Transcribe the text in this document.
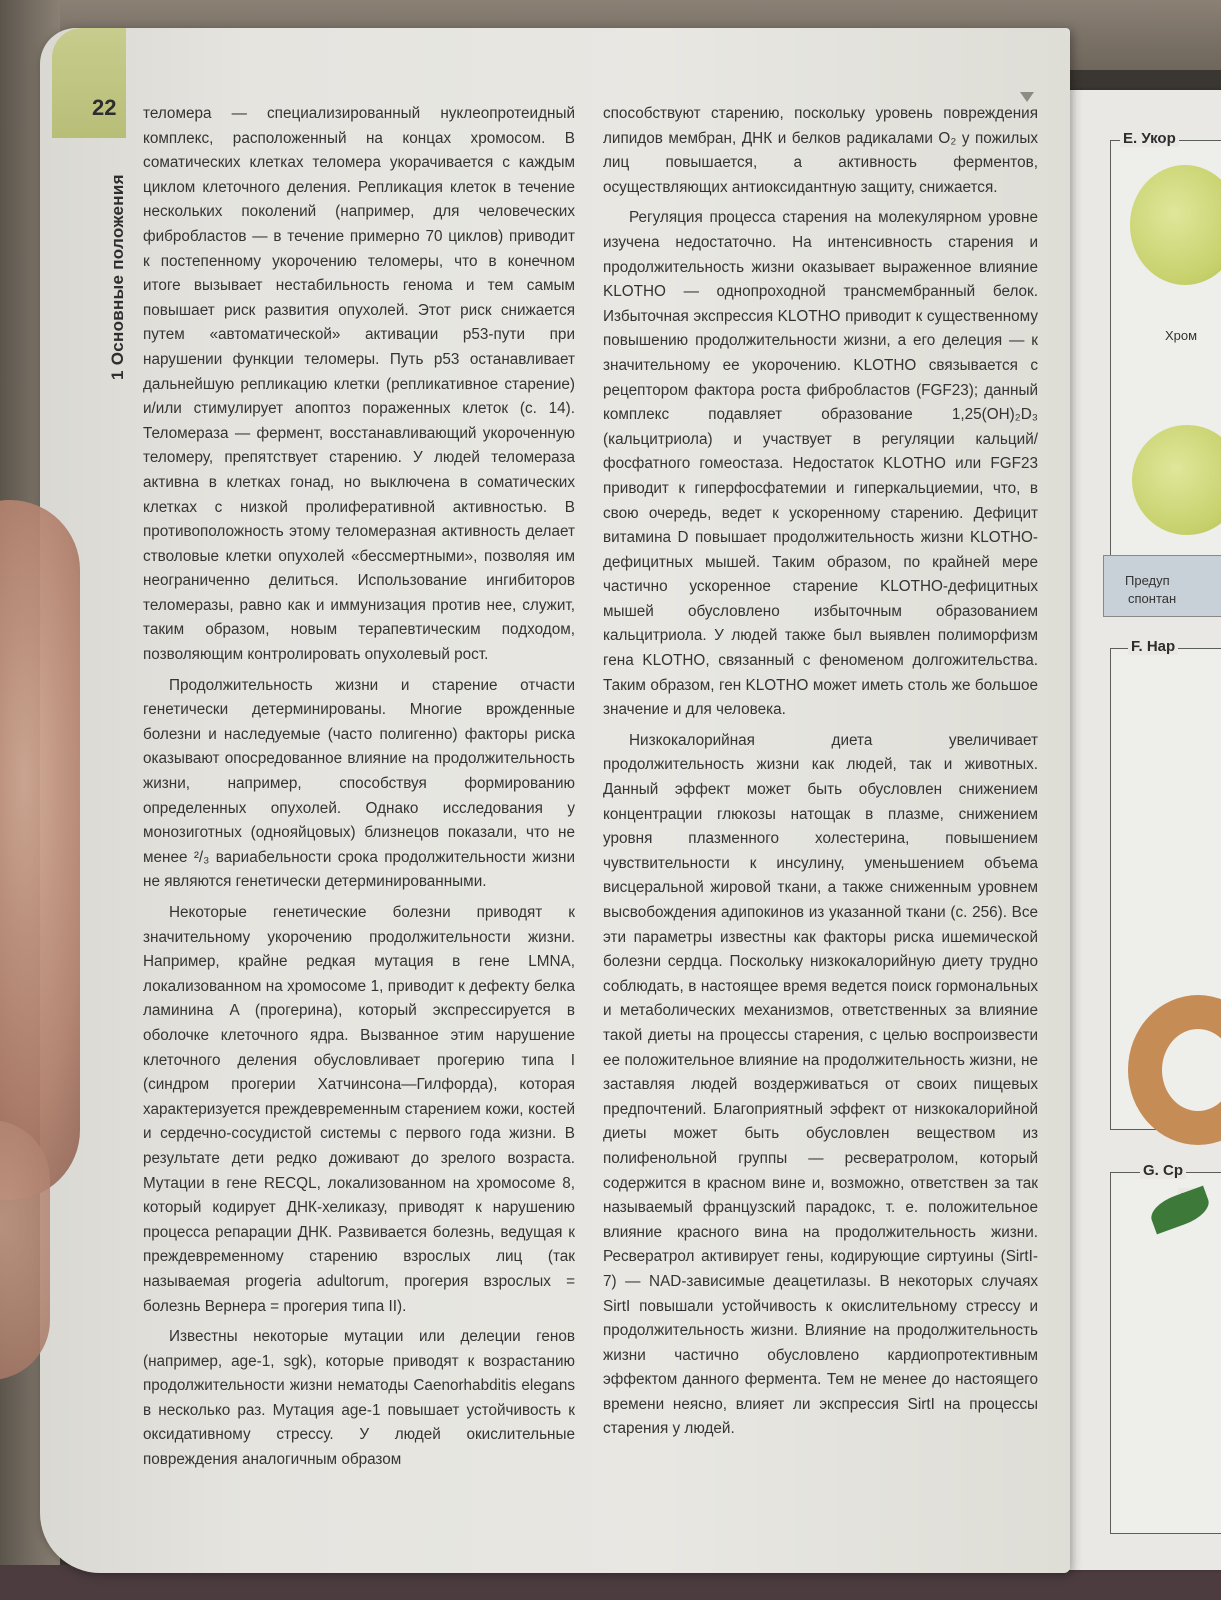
E. Укор
Хром
Предуп
спонтан
F. Нар
G. Ср
22
1 Основные положения

теломера — специализированный нуклеопротеидный комплекс, расположенный на концах хромосом. В соматических клетках теломера укорачивается с каждым циклом клеточного деления. Репликация клеток в течение нескольких поколений (например, для человеческих фибробластов — в течение примерно 70 циклов) приводит к постепенному укорочению теломеры, что в конечном итоге вызывает нестабильность генома и тем самым повышает риск развития опухолей. Этот риск снижается путем «автоматической» активации p53-пути при нарушении функции теломеры. Путь p53 останавливает дальнейшую репликацию клетки (репликативное старение) и/или стимулирует апоптоз пораженных клеток (с. 14). Теломераза — фермент, восстанавливающий укороченную теломеру, препятствует старению. У людей теломераза активна в клетках гонад, но выключена в соматических клетках с низкой пролиферативной активностью. В противоположность этому теломеразная активность делает стволовые клетки опухолей «бессмертными», позволяя им неограниченно делиться. Использование ингибиторов теломеразы, равно как и иммунизация против нее, служит, таким образом, новым терапевтическим подходом, позволяющим контролировать опухолевый рост.

Продолжительность жизни и старение отчасти генетически детерминированы. Многие врожденные болезни и наследуемые (часто полигенно) факторы риска оказывают опосредованное влияние на продолжительность жизни, например, способствуя формированию определенных опухолей. Однако исследования у монозиготных (однояйцовых) близнецов показали, что не менее ²/₃ вариабельности срока продолжительности жизни не являются генетически детерминированными.

Некоторые генетические болезни приводят к значительному укорочению продолжительности жизни. Например, крайне редкая мутация в гене LMNA, локализованном на хромосоме 1, приводит к дефекту белка ламинина A (прогерина), который экспрессируется в оболочке клеточного ядра. Вызванное этим нарушение клеточного деления обусловливает прогерию типа I (синдром прогерии Хатчинсона—Гилфорда), которая характеризуется преждевременным старением кожи, костей и сердечно-сосудистой системы с первого года жизни. В результате дети редко доживают до зрелого возраста. Мутации в гене RECQL, локализованном на хромосоме 8, который кодирует ДНК-хеликазу, приводят к нарушению процесса репарации ДНК. Развивается болезнь, ведущая к преждевременному старению взрослых лиц (так называемая progeria adultorum, прогерия взрослых = болезнь Вернера = прогерия типа II).

Известны некоторые мутации или делеции генов (например, age-1, sgk), которые приводят к возрастанию продолжительности жизни нематоды Caenorhabditis elegans в несколько раз. Мутация age-1 повышает устойчивость к оксидативному стрессу. У людей окислительные повреждения аналогичным образом

способствуют старению, поскольку уровень повреждения липидов мембран, ДНК и белков радикалами O₂ у пожилых лиц повышается, а активность ферментов, осуществляющих антиоксидантную защиту, снижается.

Регуляция процесса старения на молекулярном уровне изучена недостаточно. На интенсивность старения и продолжительность жизни оказывает выраженное влияние KLOTHO — однопроходной трансмембранный белок. Избыточная экспрессия KLOTHO приводит к существенному повышению продолжительности жизни, а его делеция — к значительному ее укорочению. KLOTHO связывается с рецептором фактора роста фибробластов (FGF23); данный комплекс подавляет образование 1,25(OH)₂D₃ (кальцитриола) и участвует в регуляции кальций/фосфатного гомеостаза. Недостаток KLOTHO или FGF23 приводит к гиперфосфатемии и гиперкальциемии, что, в свою очередь, ведет к ускоренному старению. Дефицит витамина D повышает продолжительность жизни KLOTHO-дефицитных мышей. Таким образом, по крайней мере частично ускоренное старение KLOTHO-дефицитных мышей обусловлено избыточным образованием кальцитриола. У людей также был выявлен полиморфизм гена KLOTHO, связанный с феноменом долгожительства. Таким образом, ген KLOTHO может иметь столь же большое значение и для человека.

Низкокалорийная диета увеличивает продолжительность жизни как людей, так и животных. Данный эффект может быть обусловлен снижением концентрации глюкозы натощак в плазме, снижением уровня плазменного холестерина, повышением чувствительности к инсулину, уменьшением объема висцеральной жировой ткани, а также сниженным уровнем высвобождения адипокинов из указанной ткани (с. 256). Все эти параметры известны как факторы риска ишемической болезни сердца. Поскольку низкокалорийную диету трудно соблюдать, в настоящее время ведется поиск гормональных и метаболических механизмов, ответственных за влияние такой диеты на процессы старения, с целью воспроизвести ее положительное влияние на продолжительность жизни, не заставляя людей воздерживаться от своих пищевых предпочтений. Благоприятный эффект от низкокалорийной диеты может быть обусловлен веществом из полифенольной группы — ресвератролом, который содержится в красном вине и, возможно, ответствен за так называемый французский парадокс, т. е. положительное влияние красного вина на продолжительность жизни. Ресвератрол активирует гены, кодирующие сиртуины (SirtI-7) — NAD-зависимые деацетилазы. В некоторых случаях SirtI повышали устойчивость к окислительному стрессу и продолжительность жизни. Влияние на продолжительность жизни частично обусловлено кардиопротективным эффектом данного фермента. Тем не менее до настоящего времени неясно, влияет ли экспрессия SirtI на процессы старения у людей.
